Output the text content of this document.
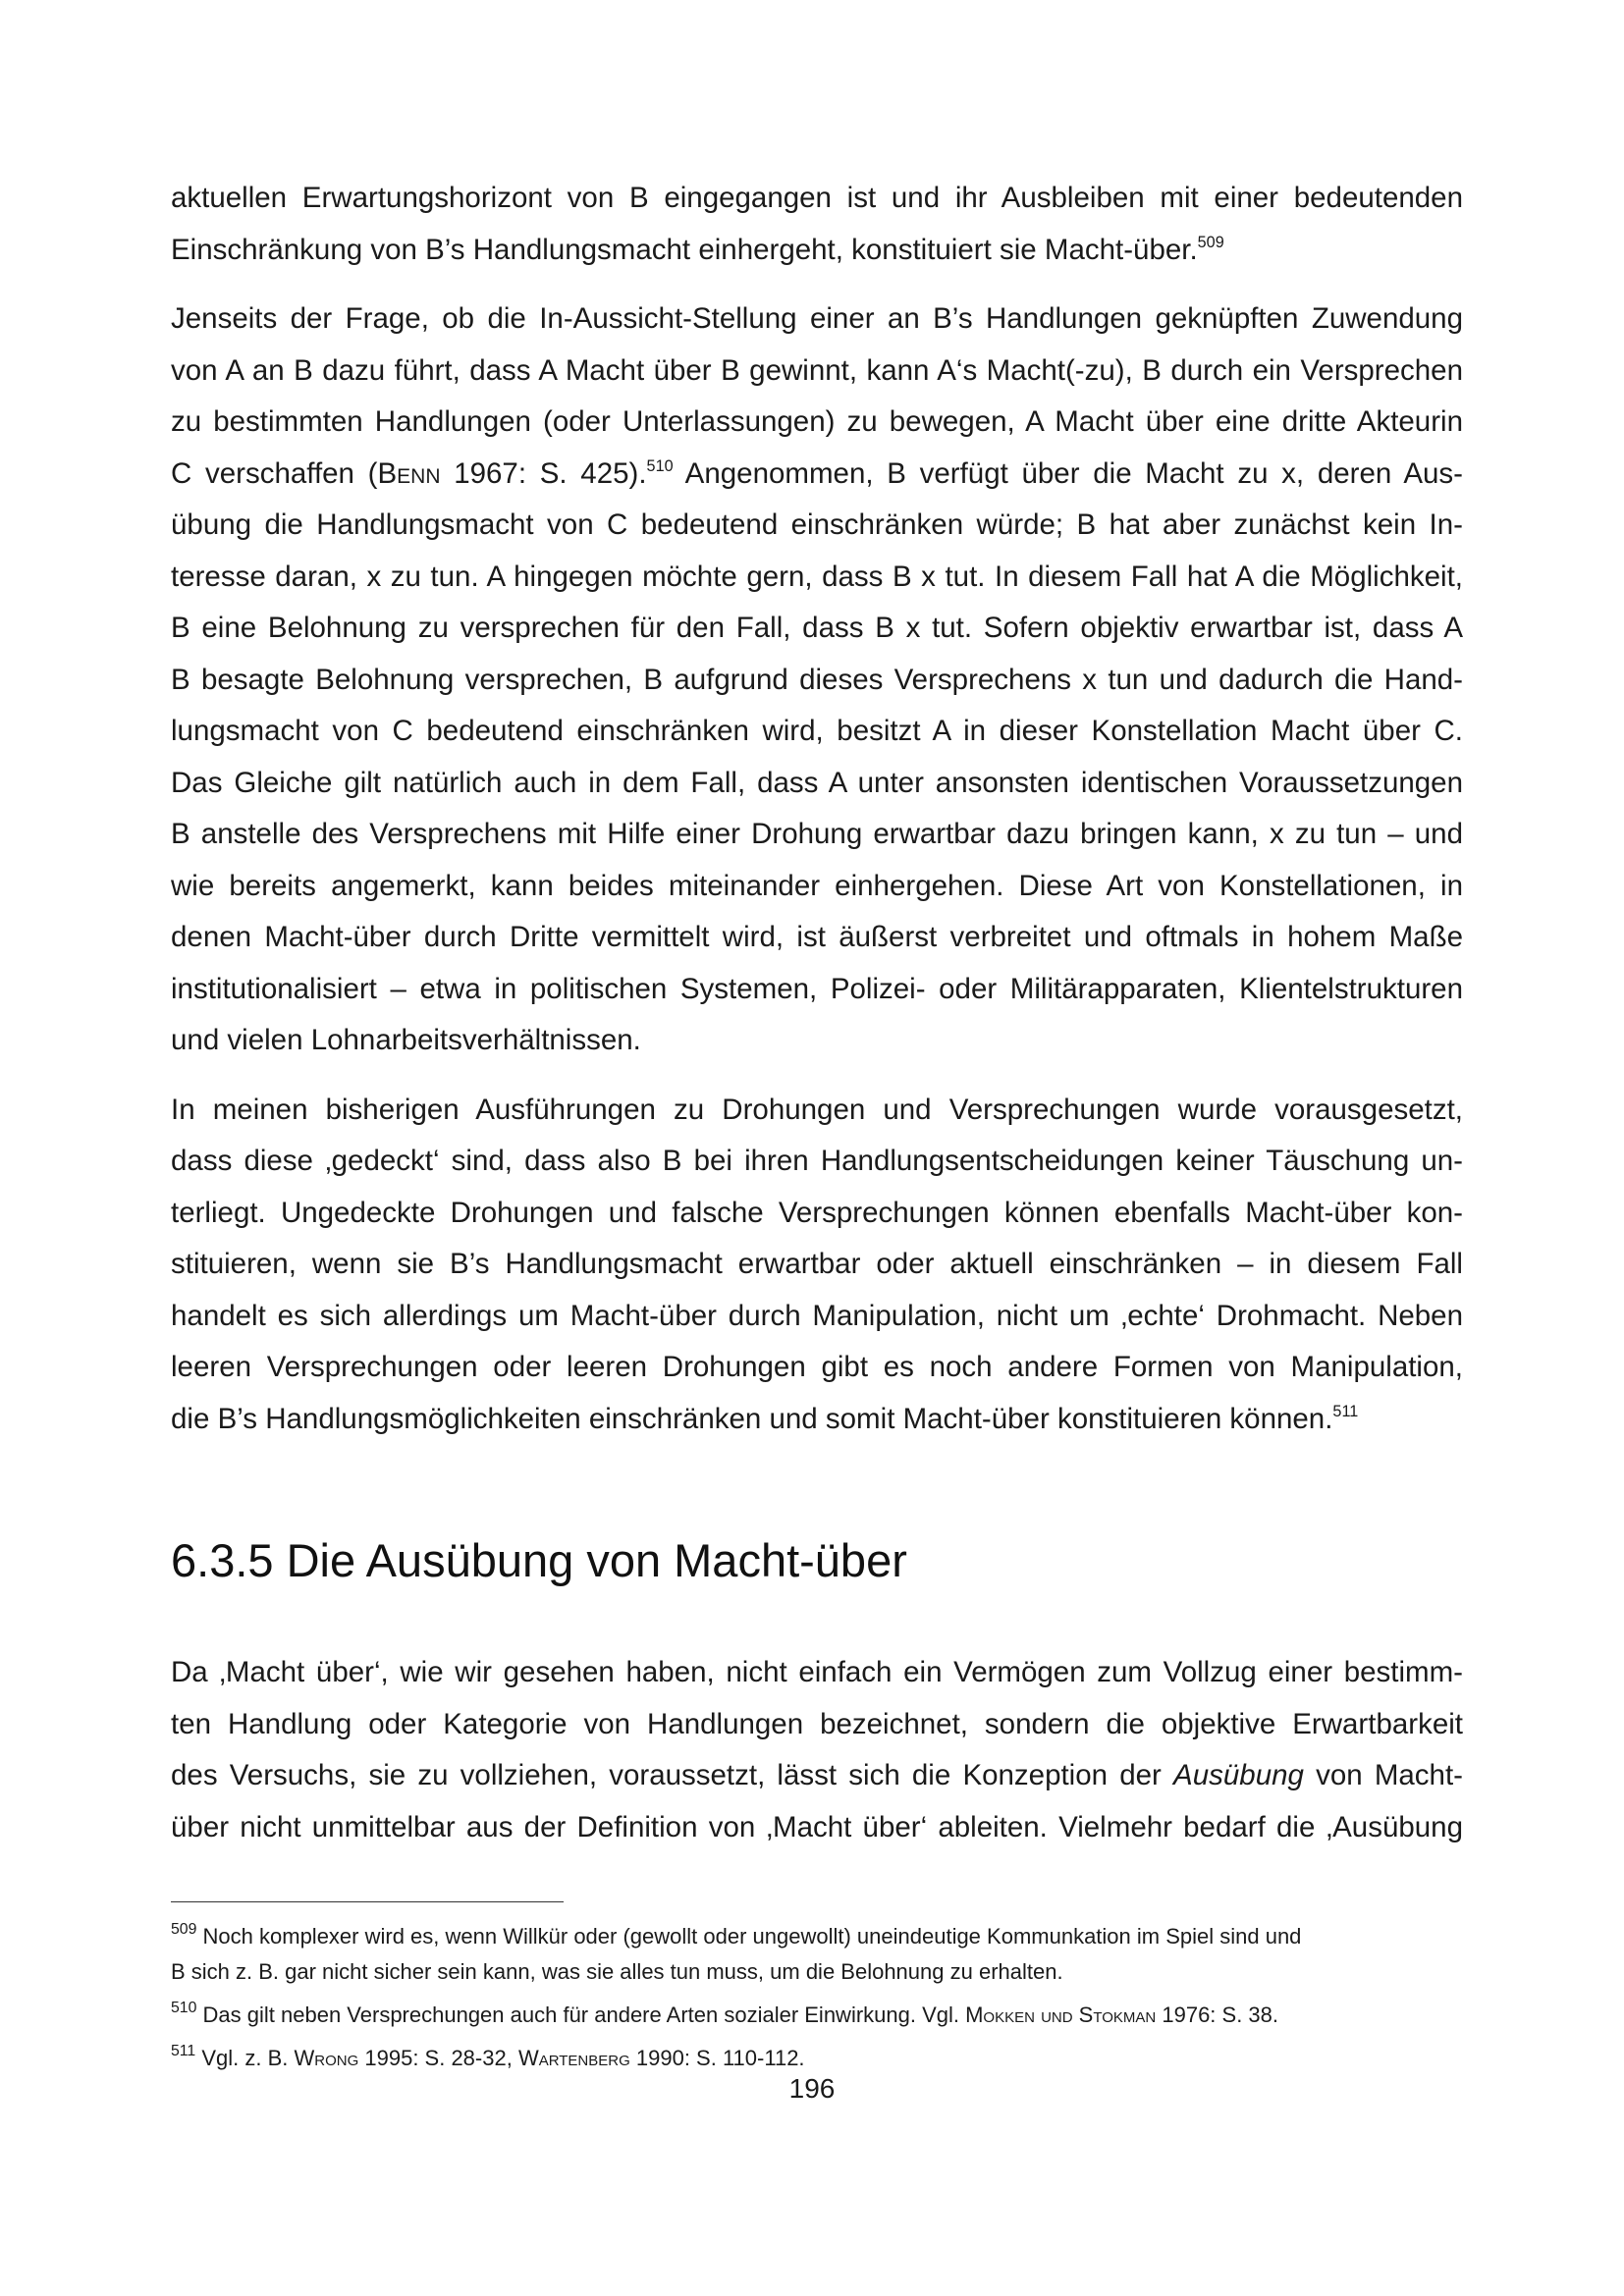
aktuellen Erwartungshorizont von B eingegangen ist und ihr Ausbleiben mit einer bedeutenden
Einschränkung von B’s Handlungsmacht einhergeht, konstituiert sie Macht-über.$^{509}$

Jenseits der Frage, ob die In-Aussicht-Stellung einer an B’s Handlungen geknüpften Zuwendung
von A an B dazu führt, dass A Macht über B gewinnt, kann A‘s Macht(-zu), B durch ein Versprechen
zu bestimmten Handlungen (oder Unterlassungen) zu bewegen, A Macht über eine dritte Akteurin
C verschaffen (Benn 1967: S. 425).$^{510}$ Angenommen, B verfügt über die Macht zu x, deren Aus-
übung die Handlungsmacht von C bedeutend einschränken würde; B hat aber zunächst kein In-
teresse daran, x zu tun. A hingegen möchte gern, dass B x tut. In diesem Fall hat A die Möglichkeit,
B eine Belohnung zu versprechen für den Fall, dass B x tut. Sofern objektiv erwartbar ist, dass A
B besagte Belohnung versprechen, B aufgrund dieses Versprechens x tun und dadurch die Hand-
lungsmacht von C bedeutend einschränken wird, besitzt A in dieser Konstellation Macht über C.
Das Gleiche gilt natürlich auch in dem Fall, dass A unter ansonsten identischen Voraussetzungen
B anstelle des Versprechens mit Hilfe einer Drohung erwartbar dazu bringen kann, x zu tun – und
wie bereits angemerkt, kann beides miteinander einhergehen. Diese Art von Konstellationen, in
denen Macht-über durch Dritte vermittelt wird, ist äußerst verbreitet und oftmals in hohem Maße
institutionalisiert – etwa in politischen Systemen, Polizei- oder Militärapparaten, Klientelstrukturen
und vielen Lohnarbeitsverhältnissen.

In meinen bisherigen Ausführungen zu Drohungen und Versprechungen wurde vorausgesetzt,
dass diese ‚gedeckt‘ sind, dass also B bei ihren Handlungsentscheidungen keiner Täuschung un-
terliegt. Ungedeckte Drohungen und falsche Versprechungen können ebenfalls Macht-über kon-
stituieren, wenn sie B’s Handlungsmacht erwartbar oder aktuell einschränken – in diesem Fall
handelt es sich allerdings um Macht-über durch Manipulation, nicht um ‚echte‘ Drohmacht. Neben
leeren Versprechungen oder leeren Drohungen gibt es noch andere Formen von Manipulation,
die B’s Handlungsmöglichkeiten einschränken und somit Macht-über konstituieren können.$^{511}$

6.3.5 Die Ausübung von Macht-über

Da ‚Macht über‘, wie wir gesehen haben, nicht einfach ein Vermögen zum Vollzug einer bestimm-
ten Handlung oder Kategorie von Handlungen bezeichnet, sondern die objektive Erwartbarkeit
des Versuchs, sie zu vollziehen, voraussetzt, lässt sich die Konzeption der Ausübung von Macht-
über nicht unmittelbar aus der Definition von ‚Macht über‘ ableiten. Vielmehr bedarf die ‚Ausübung

$^{509}$ Noch komplexer wird es, wenn Willkür oder (gewollt oder ungewollt) uneindeutige Kommunkation im Spiel sind und
B sich z. B. gar nicht sicher sein kann, was sie alles tun muss, um die Belohnung zu erhalten.
$^{510}$ Das gilt neben Versprechungen auch für andere Arten sozialer Einwirkung. Vgl. Mokken und Stokman 1976: S. 38.
$^{511}$ Vgl. z. B. Wrong 1995: S. 28-32, Wartenberg 1990: S. 110-112.
196
